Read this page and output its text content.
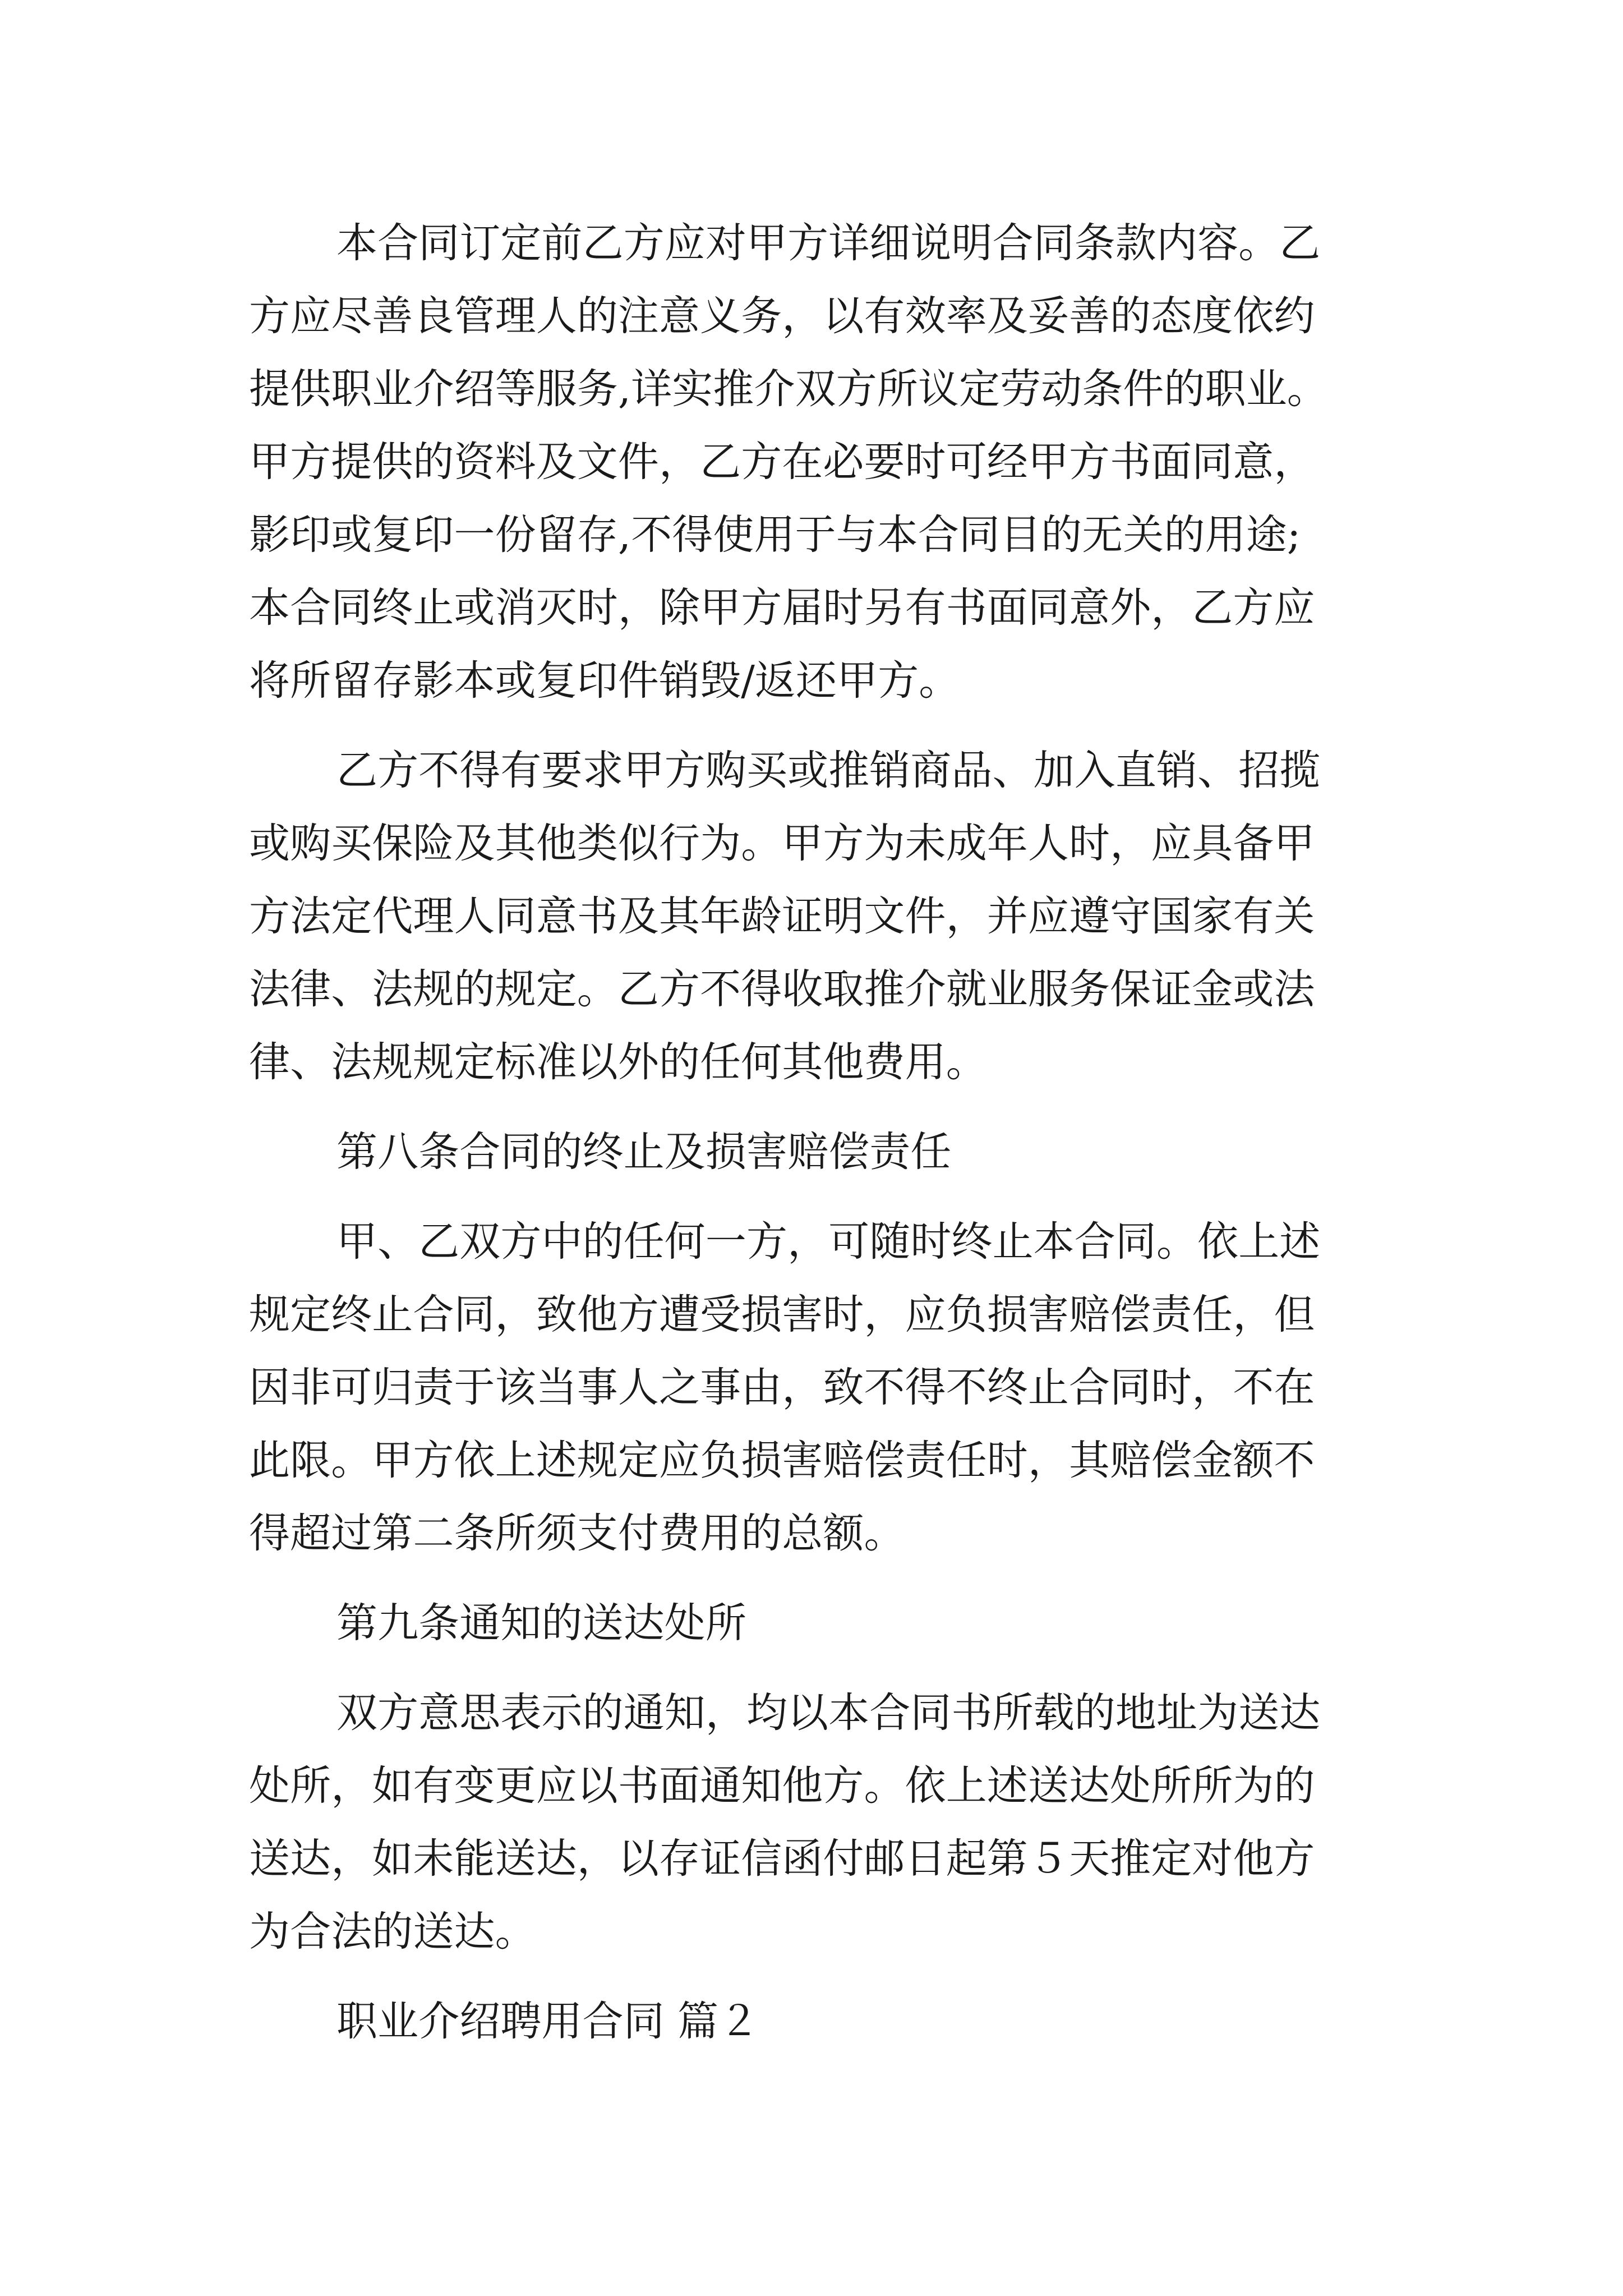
本合同订定前乙方应对甲方详细说明合同条款内容。乙

方应尽善良管理人的注意义务，以有效率及妥善的态度依约

提供职业介绍等服务,详实推介双方所议定劳动条件的职业。

甲方提供的资料及文件，乙方在必要时可经甲方书面同意，

影印或复印一份留存,不得使用于与本合同目的无关的用途;

本合同终止或消灭时，除甲方届时另有书面同意外，乙方应

将所留存影本或复印件销毁/返还甲方。

乙方不得有要求甲方购买或推销商品、加入直销、招揽

或购买保险及其他类似行为。甲方为未成年人时，应具备甲

方法定代理人同意书及其年龄证明文件，并应遵守国家有关

法律、法规的规定。乙方不得收取推介就业服务保证金或法

律、法规规定标准以外的任何其他费用。

第八条合同的终止及损害赔偿责任

甲、乙双方中的任何一方，可随时终止本合同。依上述

规定终止合同，致他方遭受损害时，应负损害赔偿责任，但

因非可归责于该当事人之事由，致不得不终止合同时，不在

此限。甲方依上述规定应负损害赔偿责任时，其赔偿金额不

得超过第二条所须支付费用的总额。

第九条通知的送达处所

双方意思表示的通知，均以本合同书所载的地址为送达

处所，如有变更应以书面通知他方。依上述送达处所所为的

送达，如未能送达，以存证信函付邮日起第５天推定对他方

为合法的送达。

职业介绍聘用合同 篇２
